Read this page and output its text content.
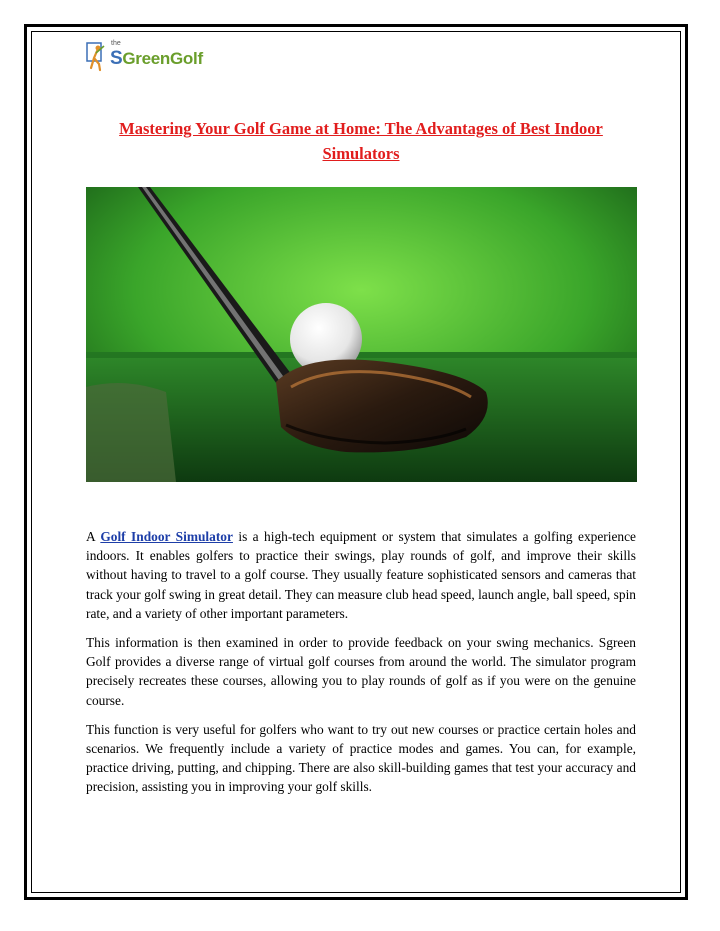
the
SGreenGolf
Mastering Your Golf Game at Home: The Advantages of Best Indoor Simulators

A Golf Indoor Simulator is a high-tech equipment or system that simulates a golfing experience indoors. It enables golfers to practice their swings, play rounds of golf, and improve their skills without having to travel to a golf course. They usually feature sophisticated sensors and cameras that track your golf swing in great detail. They can measure club head speed, launch angle, ball speed, spin rate, and a variety of other important parameters.

This information is then examined in order to provide feedback on your swing mechanics. Sgreen Golf provides a diverse range of virtual golf courses from around the world. The simulator program precisely recreates these courses, allowing you to play rounds of golf as if you were on the genuine course.

This function is very useful for golfers who want to try out new courses or practice certain holes and scenarios. We frequently include a variety of practice modes and games. You can, for example, practice driving, putting, and chipping. There are also skill-building games that test your accuracy and precision, assisting you in improving your golf skills.
